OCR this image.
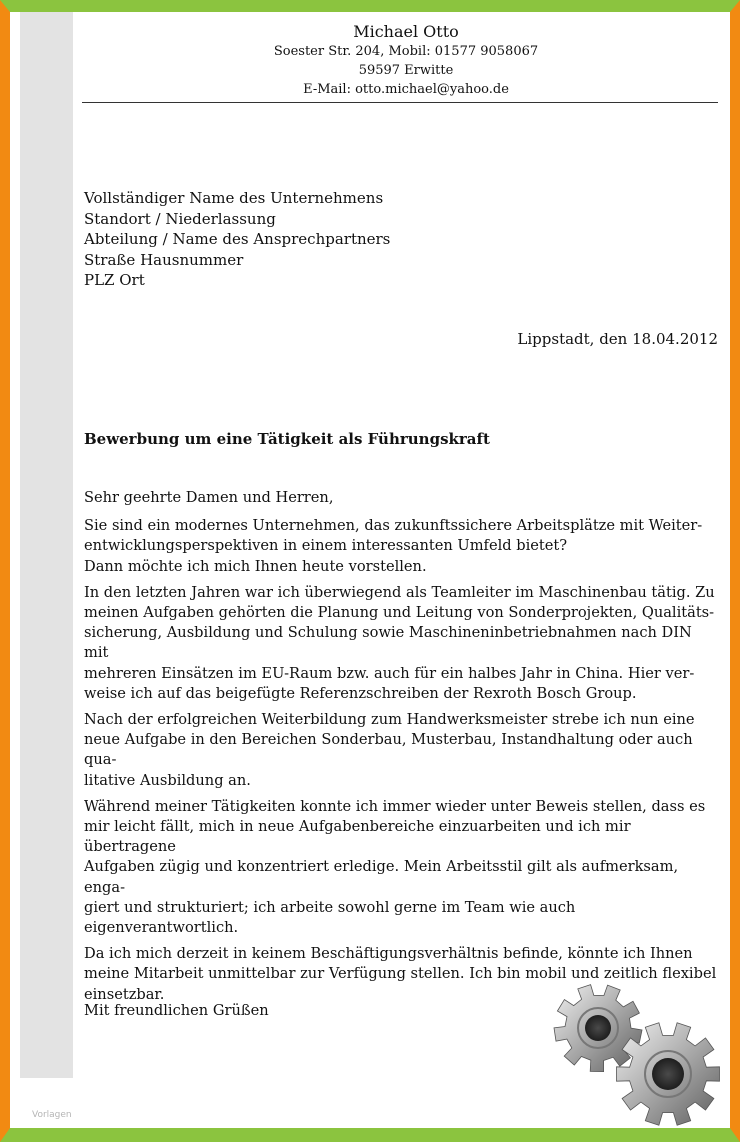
Michael Otto
Soester Str. 204, Mobil: 01577 9058067
59597 Erwitte
E-Mail: otto.michael@yahoo.de
Vollständiger Name des Unternehmens
Standort / Niederlassung
Abteilung / Name des Ansprechpartners
Straße Hausnummer
PLZ Ort
Lippstadt, den 18.04.2012
Bewerbung um eine Tätigkeit als Führungskraft

Sehr geehrte Damen und Herren,

Sie sind ein modernes Unternehmen, das zukunftssichere Arbeitsplätze mit Weiter-
entwicklungsperspektiven in einem interessanten Umfeld bietet?
Dann möchte ich mich Ihnen heute vorstellen.

In den letzten Jahren war ich überwiegend als Teamleiter im Maschinenbau tätig. Zu
meinen Aufgaben gehörten die Planung und Leitung von Sonderprojekten, Qualitäts-
sicherung, Ausbildung und Schulung sowie Maschineninbetriebnahmen nach DIN mit
mehreren Einsätzen im EU-Raum bzw. auch für ein halbes Jahr in China. Hier ver-
weise ich auf das beigefügte Referenzschreiben der Rexroth Bosch Group.

Nach der erfolgreichen Weiterbildung zum Handwerksmeister strebe ich nun eine
neue Aufgabe in den Bereichen Sonderbau, Musterbau, Instandhaltung oder auch qua-
litative Ausbildung an.

Während meiner Tätigkeiten konnte ich immer wieder unter Beweis stellen, dass es
mir leicht fällt, mich in neue Aufgabenbereiche einzuarbeiten und ich mir übertragene
Aufgaben zügig und konzentriert erledige. Mein Arbeitsstil gilt als aufmerksam, enga-
giert und strukturiert; ich arbeite sowohl gerne im Team wie auch eigenverantwortlich.

Da ich mich derzeit in keinem Beschäftigungsverhältnis befinde, könnte ich Ihnen
meine Mitarbeit unmittelbar zur Verfügung stellen. Ich bin mobil und zeitlich flexibel
einsetzbar.

Mit freundlichen Grüßen
Vorlagen
